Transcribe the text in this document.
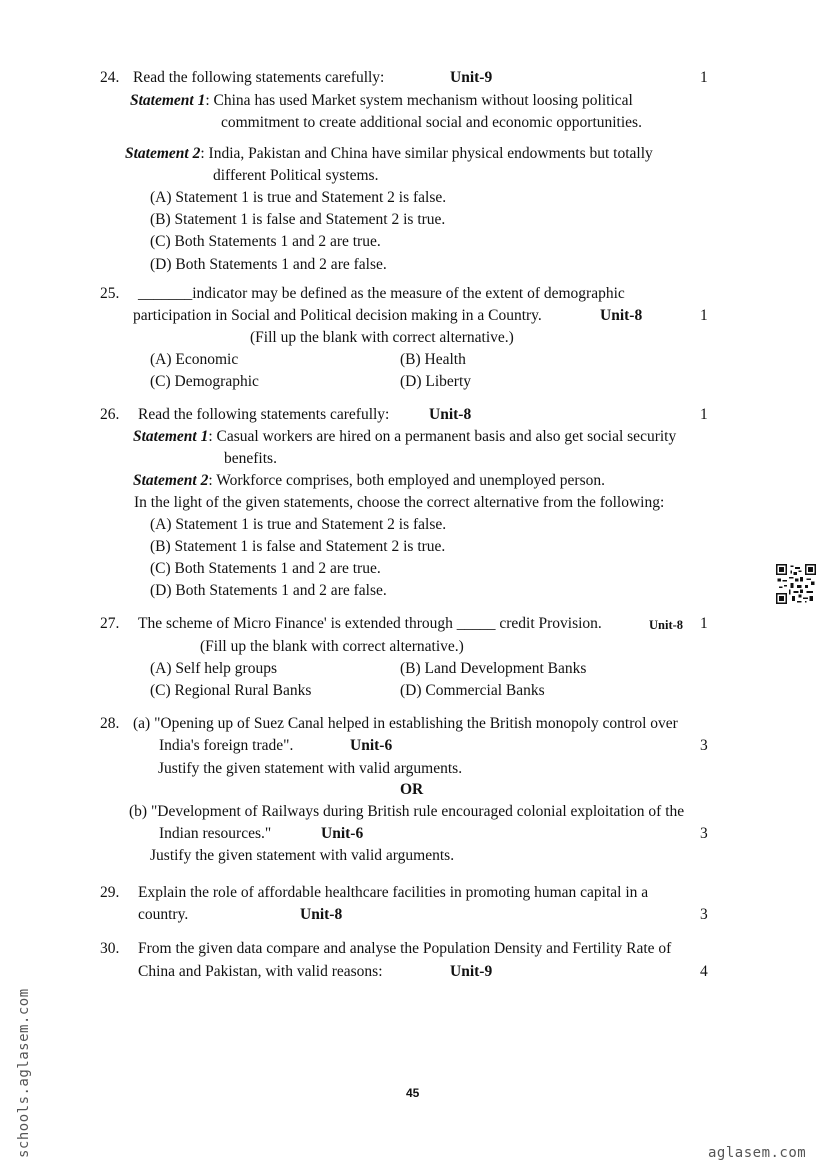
24. Read the following statements carefully:	Unit-9	1
Statement 1: China has used Market system mechanism without loosing political
commitment to create additional social and economic opportunities.
Statement 2: India, Pakistan and China have similar physical endowments but totally
different Political systems.
(A) Statement 1 is true and Statement 2 is false.
(B) Statement 1 is false and Statement 2 is true.
(C) Both Statements 1 and 2 are true.
(D) Both Statements 1 and 2 are false.
25. _______indicator may be defined as the measure of the extent of demographic
participation in Social and Political decision making in a Country.	Unit-8	1
(Fill up the blank with correct alternative.)
(A) Economic	(B) Health
(C) Demographic	(D) Liberty
26. Read the following statements carefully:	Unit-8	1
Statement 1: Casual workers are hired on a permanent basis and also get social security
benefits.
Statement 2: Workforce comprises, both employed and unemployed person.
In the light of the given statements, choose the correct alternative from the following:
(A) Statement 1 is true and Statement 2 is false.
(B) Statement 1 is false and Statement 2 is true.
(C) Both Statements 1 and 2 are true.
(D) Both Statements 1 and 2 are false.
27. The scheme of Micro Finance' is extended through _____ credit Provision.	Unit-8 1
(Fill up the blank with correct alternative.)
(A) Self help groups	(B) Land Development Banks
(C) Regional Rural Banks	(D) Commercial Banks
28. (a) "Opening up of Suez Canal helped in establishing the British monopoly control over
India's foreign trade".	Unit-6	3
Justify the given statement with valid arguments.
OR
(b) "Development of Railways during British rule encouraged colonial exploitation of the
Indian resources."	Unit-6	3
Justify the given statement with valid arguments.
29. Explain the role of affordable healthcare facilities in promoting human capital in a
country.	Unit-8	3
30. From the given data compare and analyse the Population Density and Fertility Rate of
China and Pakistan, with valid reasons:	Unit-9	4
45
schools.aglasem.com	aglasem.com
